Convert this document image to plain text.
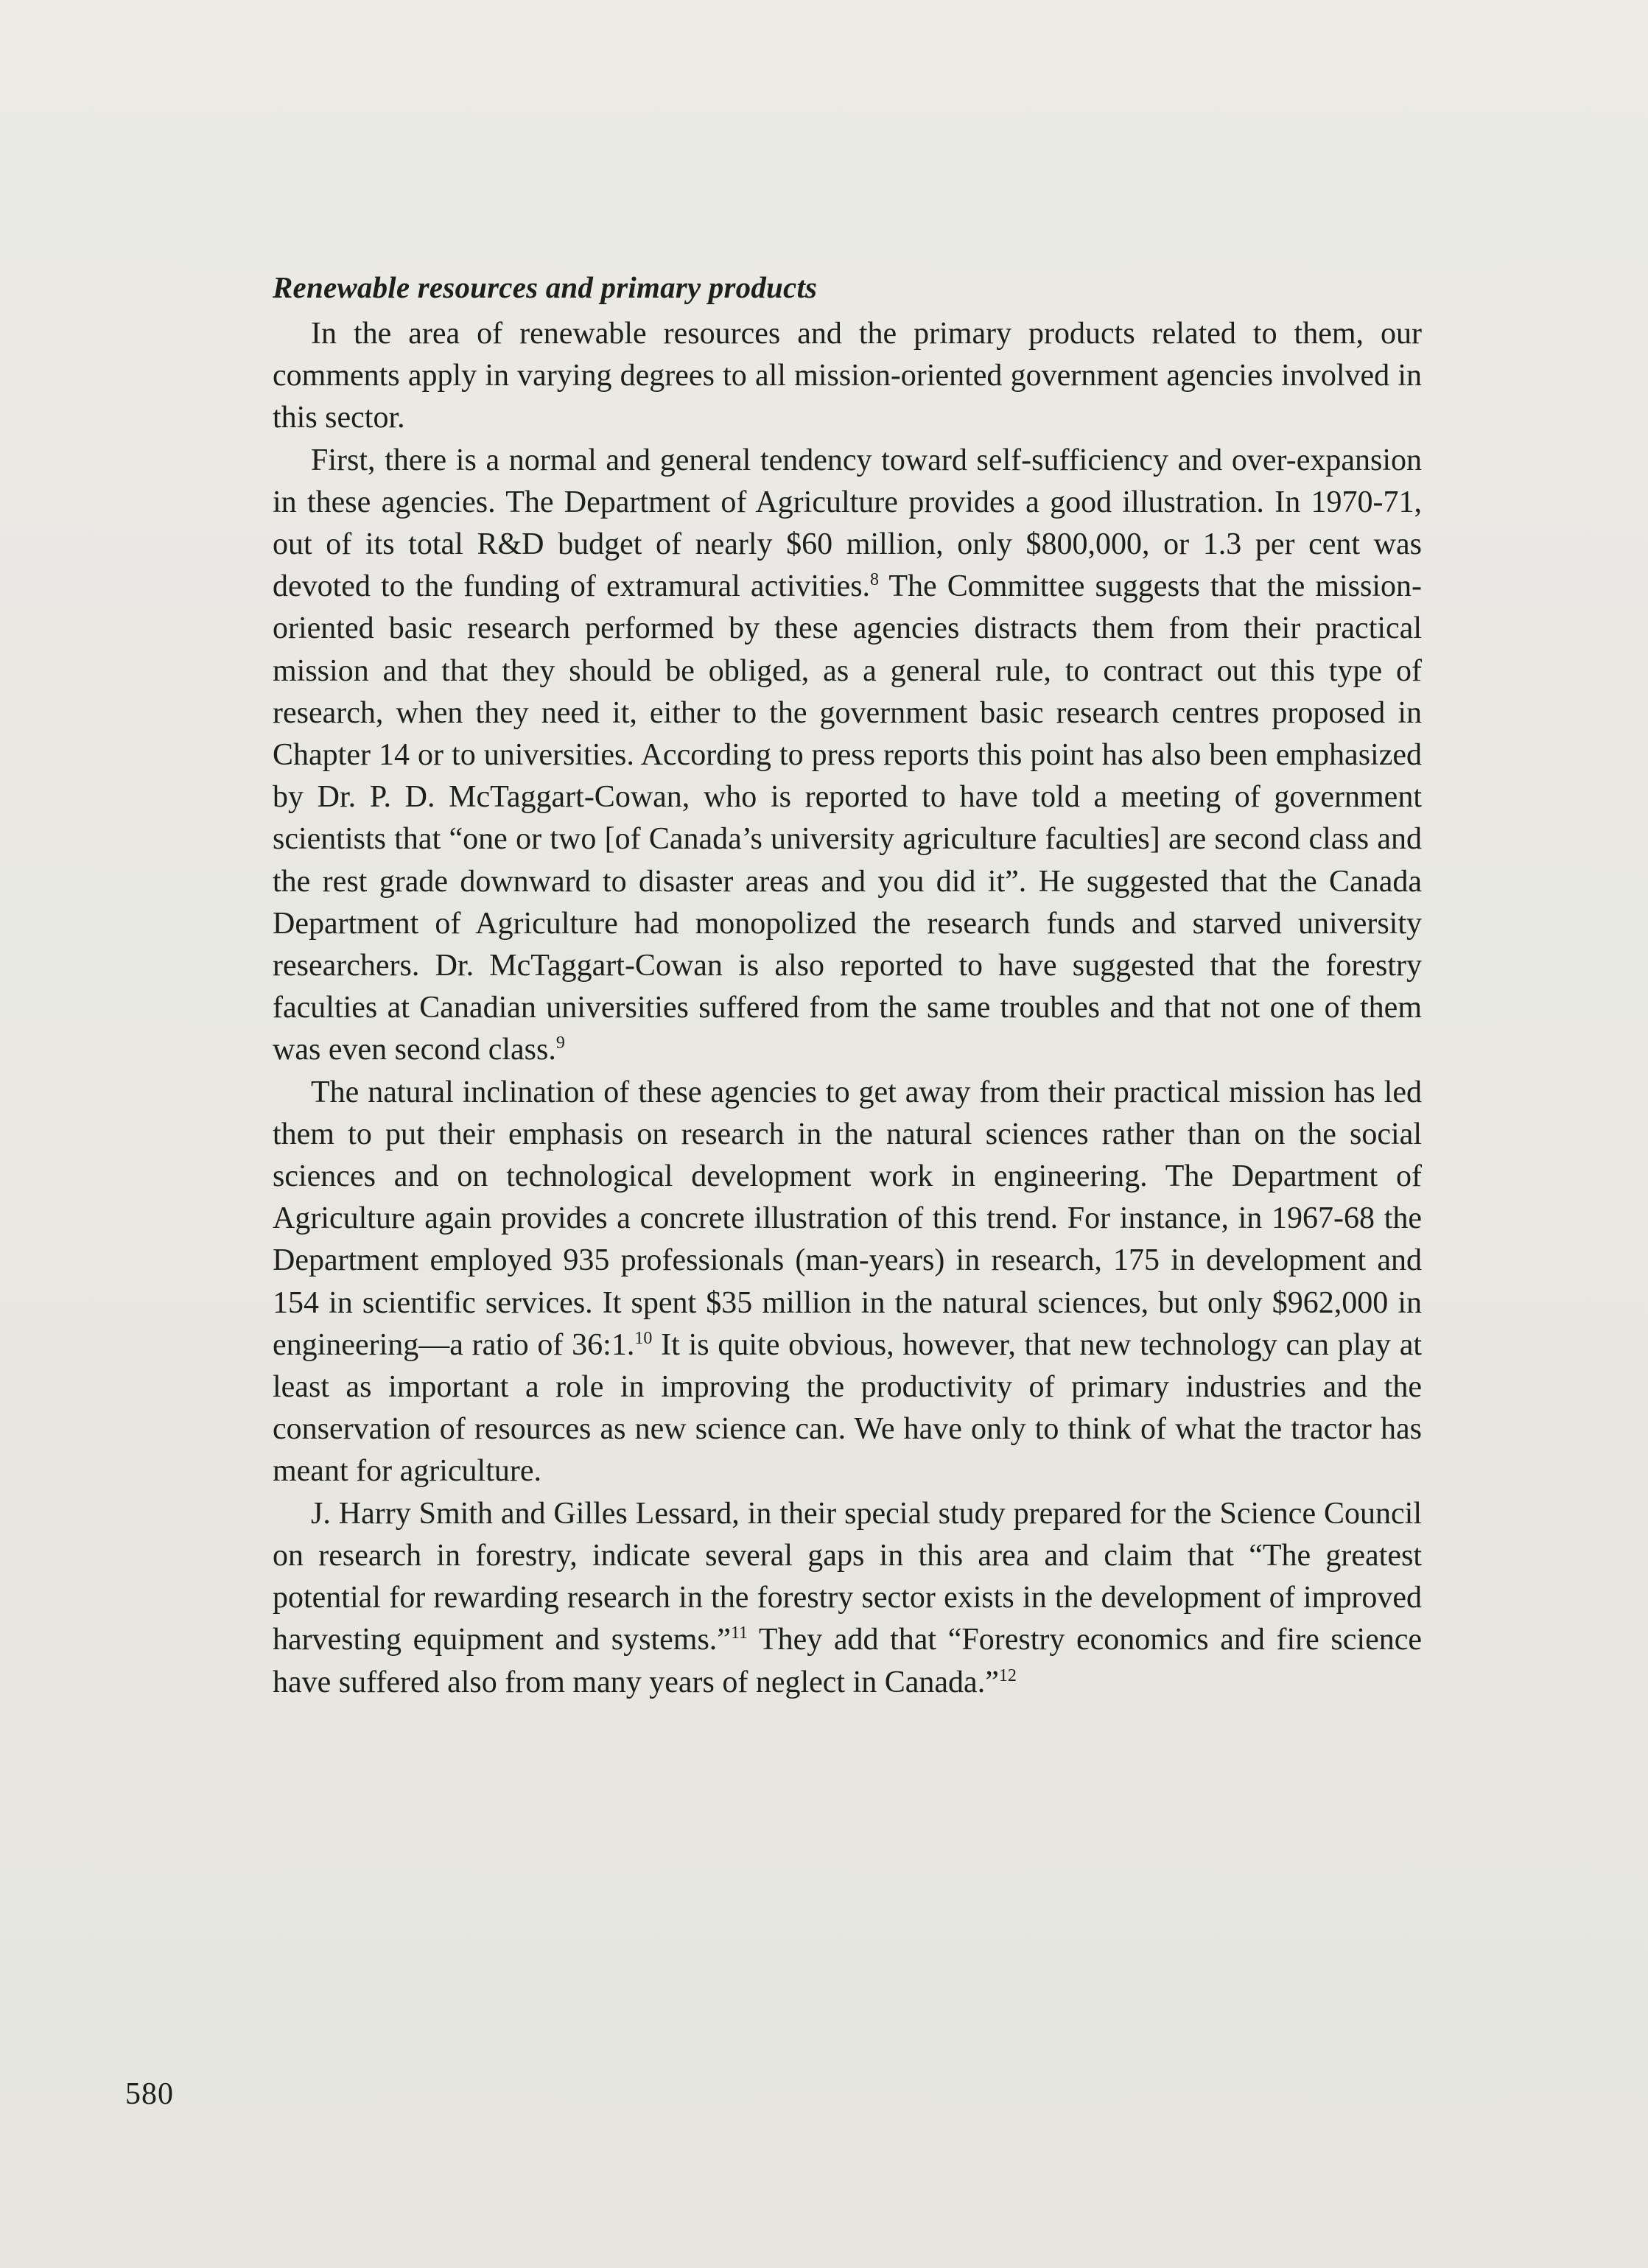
Renewable resources and primary products

In the area of renewable resources and the primary products related to them, our comments apply in varying degrees to all mission-oriented government agencies involved in this sector.

First, there is a normal and general tendency toward self-sufficiency and over-expansion in these agencies. The Department of Agriculture provides a good illustration. In 1970-71, out of its total R&D budget of nearly $60 million, only $800,000, or 1.3 per cent was devoted to the funding of extramural activities.$^8$ The Committee suggests that the mission-oriented basic research performed by these agencies distracts them from their practical mission and that they should be obliged, as a general rule, to contract out this type of research, when they need it, either to the government basic research centres proposed in Chapter 14 or to universities. According to press reports this point has also been emphasized by Dr. P. D. McTaggart-Cowan, who is reported to have told a meeting of government scientists that “one or two [of Canada’s university agriculture faculties] are second class and the rest grade downward to disaster areas and you did it”. He suggested that the Canada Department of Agriculture had monopolized the research funds and starved university researchers. Dr. McTaggart-Cowan is also reported to have suggested that the forestry faculties at Canadian universities suffered from the same troubles and that not one of them was even second class.$^9$

The natural inclination of these agencies to get away from their practical mission has led them to put their emphasis on research in the natural sciences rather than on the social sciences and on technological development work in engineering. The Department of Agriculture again provides a concrete illustration of this trend. For instance, in 1967-68 the Department employed 935 professionals (man-years) in research, 175 in development and 154 in scientific services. It spent $35 million in the natural sciences, but only $962,000 in engineering—a ratio of 36:1.10 It is quite obvious, however, that new technology can play at least as important a role in improving the productivity of primary industries and the conservation of resources as new science can. We have only to think of what the tractor has meant for agriculture.

J. Harry Smith and Gilles Lessard, in their special study prepared for the Science Council on research in forestry, indicate several gaps in this area and claim that “The greatest potential for rewarding research in the forestry sector exists in the development of improved harvesting equipment and systems.”$^{11}$ They add that “Forestry economics and fire science have suffered also from many years of neglect in Canada.”$^{12}$

580
